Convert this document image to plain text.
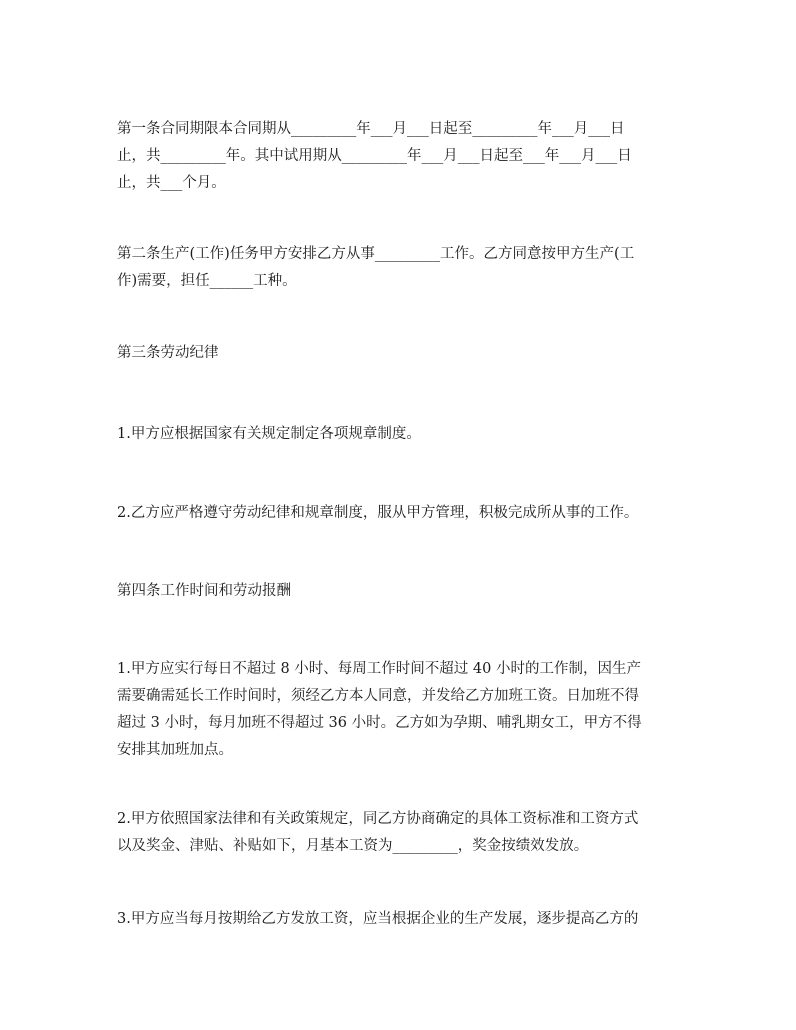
第一条合同期限本合同期从_________年___月___日起至_________年___月___日
止，共_________年。其中试用期从_________年___月___日起至___年___月___日
止，共___个月。

第二条生产(工作)任务甲方安排乙方从事_________工作。乙方同意按甲方生产(工
作)需要，担任______工种。

第三条劳动纪律

1.甲方应根据国家有关规定制定各项规章制度。

2.乙方应严格遵守劳动纪律和规章制度，服从甲方管理，积极完成所从事的工作。

第四条工作时间和劳动报酬

1.甲方应实行每日不超过 8 小时、每周工作时间不超过 40 小时的工作制，因生产
需要确需延长工作时间时，须经乙方本人同意，并发给乙方加班工资。日加班不得
超过 3 小时，每月加班不得超过 36 小时。乙方如为孕期、哺乳期女工，甲方不得
安排其加班加点。

2.甲方依照国家法律和有关政策规定，同乙方协商确定的具体工资标准和工资方式
以及奖金、津贴、补贴如下，月基本工资为_________，奖金按绩效发放。

3.甲方应当每月按期给乙方发放工资，应当根据企业的生产发展，逐步提高乙方的
